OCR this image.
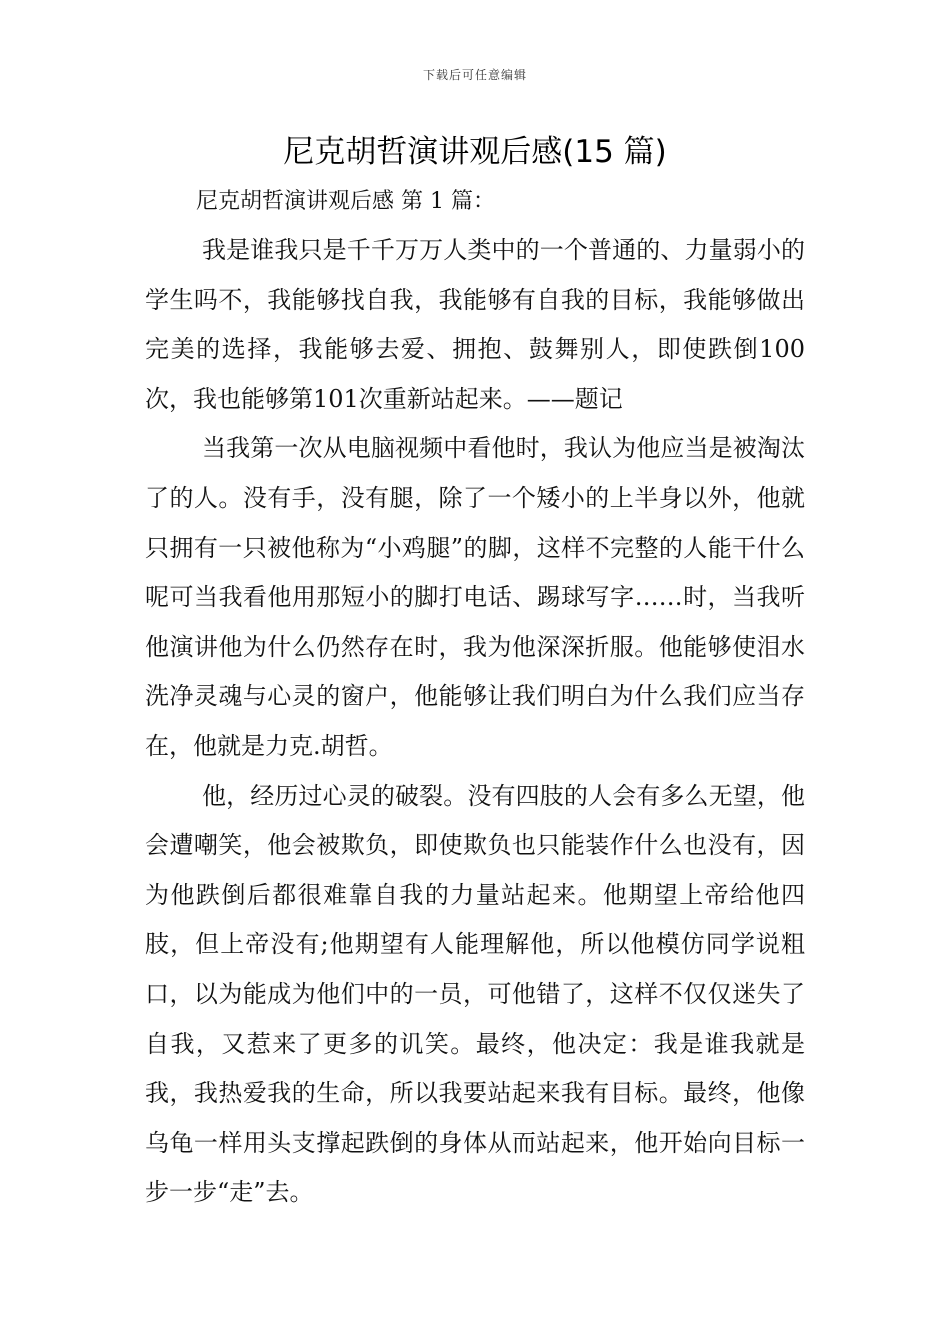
下载后可任意编辑
尼克胡哲演讲观后感(15 篇)
尼克胡哲演讲观后感 第 1 篇：

我是谁我只是千千万万人类中的一个普通的、力量弱小的学生吗不，我能够找自我，我能够有自我的目标，我能够做出完美的选择，我能够去爱、拥抱、鼓舞别人，即使跌倒100次，我也能够第101次重新站起来。——题记

当我第一次从电脑视频中看他时，我认为他应当是被淘汰了的人。没有手，没有腿，除了一个矮小的上半身以外，他就只拥有一只被他称为“小鸡腿”的脚，这样不完整的人能干什么呢可当我看他用那短小的脚打电话、踢球写字……时，当我听他演讲他为什么仍然存在时，我为他深深折服。他能够使泪水洗净灵魂与心灵的窗户，他能够让我们明白为什么我们应当存在，他就是力克.胡哲。

他，经历过心灵的破裂。没有四肢的人会有多么无望，他会遭嘲笑，他会被欺负，即使欺负也只能装作什么也没有，因为他跌倒后都很难靠自我的力量站起来。他期望上帝给他四肢，但上帝没有;他期望有人能理解他，所以他模仿同学说粗口，以为能成为他们中的一员，可他错了，这样不仅仅迷失了自我，又惹来了更多的讥笑。最终，他决定：我是谁我就是我，我热爱我的生命，所以我要站起来我有目标。最终，他像乌龟一样用头支撑起跌倒的身体从而站起来，他开始向目标一步一步“走”去。
